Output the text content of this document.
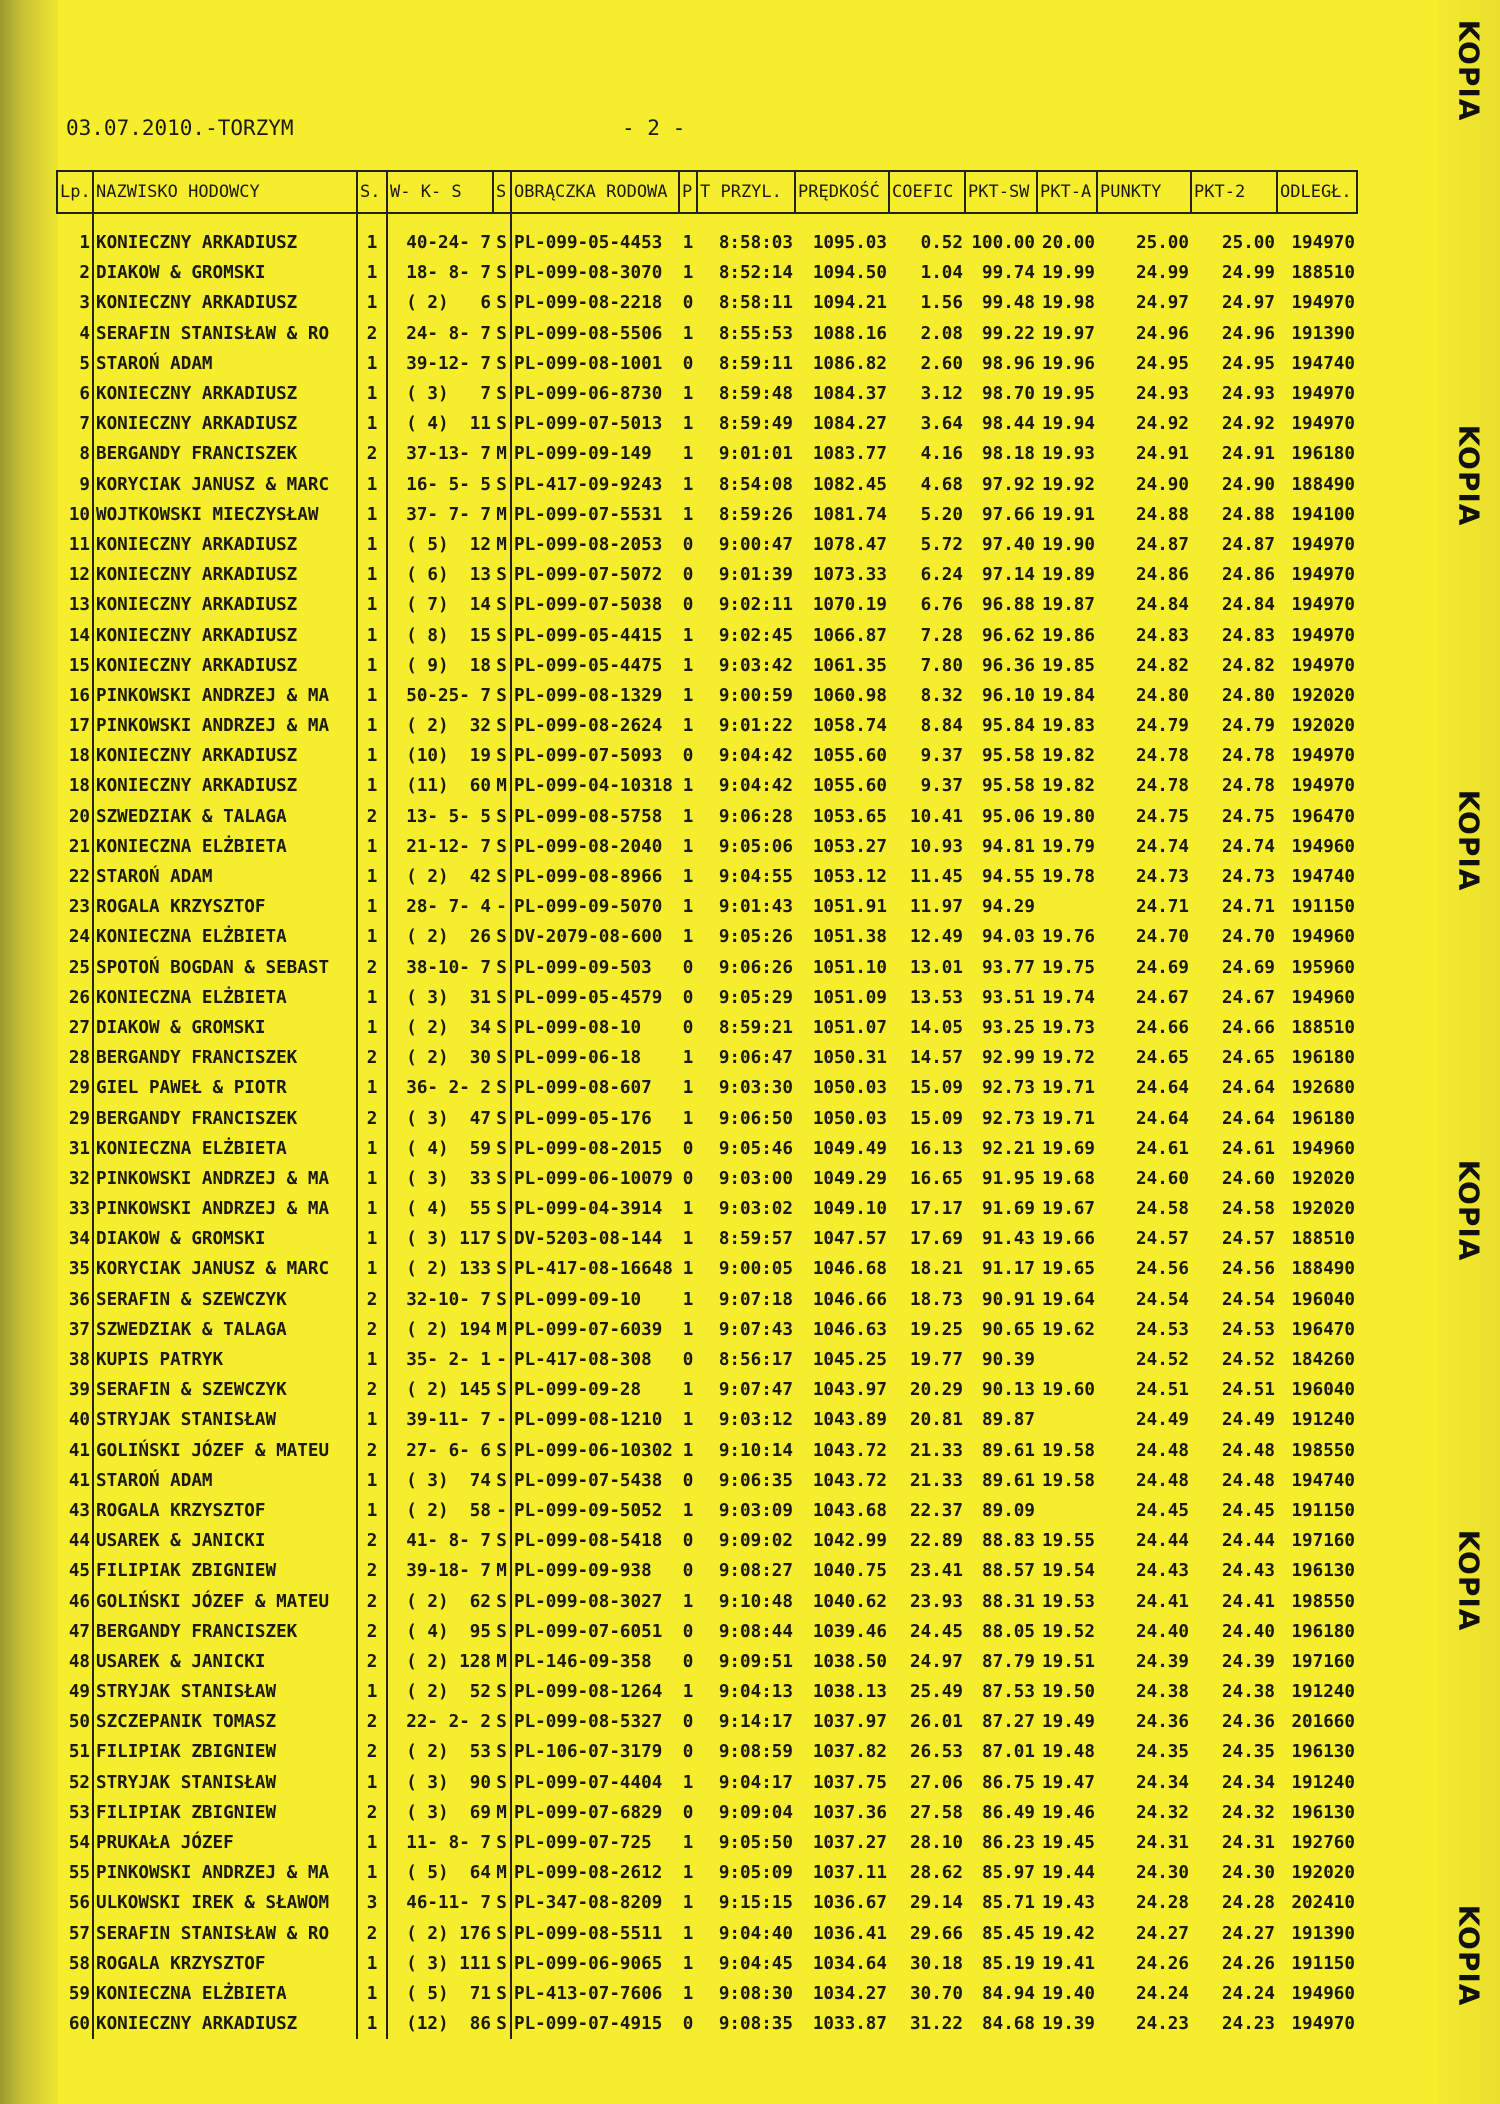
KOPIA
KOPIA
KOPIA
KOPIA
KOPIA
KOPIA
03.07.2010.-TORZYM	- 2 -
Lp.	NAZWISKO HODOWCY	S.	W- K- S	S	OBRĄCZKA RODOWA	P	T PRZYL.	PRĘDKOŚĆ	COEFIC	PKT-SW	PKT-A	PUNKTY	PKT-2	ODLEGŁ.
1	KONIECZNY ARKADIUSZ	1	40-24- 7	S	PL-099-05-4453	1	8:58:03	1095.03	0.52	100.00	20.00	25.00	25.00	194970
2	DIAKOW & GROMSKI	1	18- 8- 7	S	PL-099-08-3070	1	8:52:14	1094.50	1.04	99.74	19.99	24.99	24.99	188510
3	KONIECZNY ARKADIUSZ	1	( 2)   6	S	PL-099-08-2218	0	8:58:11	1094.21	1.56	99.48	19.98	24.97	24.97	194970
4	SERAFIN STANISŁAW & RO	2	24- 8- 7	S	PL-099-08-5506	1	8:55:53	1088.16	2.08	99.22	19.97	24.96	24.96	191390
5	STAROŃ ADAM	1	39-12- 7	S	PL-099-08-1001	0	8:59:11	1086.82	2.60	98.96	19.96	24.95	24.95	194740
6	KONIECZNY ARKADIUSZ	1	( 3)   7	S	PL-099-06-8730	1	8:59:48	1084.37	3.12	98.70	19.95	24.93	24.93	194970
7	KONIECZNY ARKADIUSZ	1	( 4)  11	S	PL-099-07-5013	1	8:59:49	1084.27	3.64	98.44	19.94	24.92	24.92	194970
8	BERGANDY FRANCISZEK	2	37-13- 7	M	PL-099-09-149	1	9:01:01	1083.77	4.16	98.18	19.93	24.91	24.91	196180
9	KORYCIAK JANUSZ & MARC	1	16- 5- 5	S	PL-417-09-9243	1	8:54:08	1082.45	4.68	97.92	19.92	24.90	24.90	188490
10	WOJTKOWSKI MIECZYSŁAW	1	37- 7- 7	M	PL-099-07-5531	1	8:59:26	1081.74	5.20	97.66	19.91	24.88	24.88	194100
11	KONIECZNY ARKADIUSZ	1	( 5)  12	M	PL-099-08-2053	0	9:00:47	1078.47	5.72	97.40	19.90	24.87	24.87	194970
12	KONIECZNY ARKADIUSZ	1	( 6)  13	S	PL-099-07-5072	0	9:01:39	1073.33	6.24	97.14	19.89	24.86	24.86	194970
13	KONIECZNY ARKADIUSZ	1	( 7)  14	S	PL-099-07-5038	0	9:02:11	1070.19	6.76	96.88	19.87	24.84	24.84	194970
14	KONIECZNY ARKADIUSZ	1	( 8)  15	S	PL-099-05-4415	1	9:02:45	1066.87	7.28	96.62	19.86	24.83	24.83	194970
15	KONIECZNY ARKADIUSZ	1	( 9)  18	S	PL-099-05-4475	1	9:03:42	1061.35	7.80	96.36	19.85	24.82	24.82	194970
16	PINKOWSKI ANDRZEJ & MA	1	50-25- 7	S	PL-099-08-1329	1	9:00:59	1060.98	8.32	96.10	19.84	24.80	24.80	192020
17	PINKOWSKI ANDRZEJ & MA	1	( 2)  32	S	PL-099-08-2624	1	9:01:22	1058.74	8.84	95.84	19.83	24.79	24.79	192020
18	KONIECZNY ARKADIUSZ	1	(10)  19	S	PL-099-07-5093	0	9:04:42	1055.60	9.37	95.58	19.82	24.78	24.78	194970
18	KONIECZNY ARKADIUSZ	1	(11)  60	M	PL-099-04-10318	1	9:04:42	1055.60	9.37	95.58	19.82	24.78	24.78	194970
20	SZWEDZIAK & TALAGA	2	13- 5- 5	S	PL-099-08-5758	1	9:06:28	1053.65	10.41	95.06	19.80	24.75	24.75	196470
21	KONIECZNA ELŻBIETA	1	21-12- 7	S	PL-099-08-2040	1	9:05:06	1053.27	10.93	94.81	19.79	24.74	24.74	194960
22	STAROŃ ADAM	1	( 2)  42	S	PL-099-08-8966	1	9:04:55	1053.12	11.45	94.55	19.78	24.73	24.73	194740
23	ROGALA KRZYSZTOF	1	28- 7- 4	-	PL-099-09-5070	1	9:01:43	1051.91	11.97	94.29		24.71	24.71	191150
24	KONIECZNA ELŻBIETA	1	( 2)  26	S	DV-2079-08-600	1	9:05:26	1051.38	12.49	94.03	19.76	24.70	24.70	194960
25	SPOTOŃ BOGDAN & SEBAST	2	38-10- 7	S	PL-099-09-503	0	9:06:26	1051.10	13.01	93.77	19.75	24.69	24.69	195960
26	KONIECZNA ELŻBIETA	1	( 3)  31	S	PL-099-05-4579	0	9:05:29	1051.09	13.53	93.51	19.74	24.67	24.67	194960
27	DIAKOW & GROMSKI	1	( 2)  34	S	PL-099-08-10	0	8:59:21	1051.07	14.05	93.25	19.73	24.66	24.66	188510
28	BERGANDY FRANCISZEK	2	( 2)  30	S	PL-099-06-18	1	9:06:47	1050.31	14.57	92.99	19.72	24.65	24.65	196180
29	GIEL PAWEŁ & PIOTR	1	36- 2- 2	S	PL-099-08-607	1	9:03:30	1050.03	15.09	92.73	19.71	24.64	24.64	192680
29	BERGANDY FRANCISZEK	2	( 3)  47	S	PL-099-05-176	1	9:06:50	1050.03	15.09	92.73	19.71	24.64	24.64	196180
31	KONIECZNA ELŻBIETA	1	( 4)  59	S	PL-099-08-2015	0	9:05:46	1049.49	16.13	92.21	19.69	24.61	24.61	194960
32	PINKOWSKI ANDRZEJ & MA	1	( 3)  33	S	PL-099-06-10079	0	9:03:00	1049.29	16.65	91.95	19.68	24.60	24.60	192020
33	PINKOWSKI ANDRZEJ & MA	1	( 4)  55	S	PL-099-04-3914	1	9:03:02	1049.10	17.17	91.69	19.67	24.58	24.58	192020
34	DIAKOW & GROMSKI	1	( 3) 117	S	DV-5203-08-144	1	8:59:57	1047.57	17.69	91.43	19.66	24.57	24.57	188510
35	KORYCIAK JANUSZ & MARC	1	( 2) 133	S	PL-417-08-16648	1	9:00:05	1046.68	18.21	91.17	19.65	24.56	24.56	188490
36	SERAFIN & SZEWCZYK	2	32-10- 7	S	PL-099-09-10	1	9:07:18	1046.66	18.73	90.91	19.64	24.54	24.54	196040
37	SZWEDZIAK & TALAGA	2	( 2) 194	M	PL-099-07-6039	1	9:07:43	1046.63	19.25	90.65	19.62	24.53	24.53	196470
38	KUPIS PATRYK	1	35- 2- 1	-	PL-417-08-308	0	8:56:17	1045.25	19.77	90.39		24.52	24.52	184260
39	SERAFIN & SZEWCZYK	2	( 2) 145	S	PL-099-09-28	1	9:07:47	1043.97	20.29	90.13	19.60	24.51	24.51	196040
40	STRYJAK STANISŁAW	1	39-11- 7	-	PL-099-08-1210	1	9:03:12	1043.89	20.81	89.87		24.49	24.49	191240
41	GOLIŃSKI JÓZEF & MATEU	2	27- 6- 6	S	PL-099-06-10302	1	9:10:14	1043.72	21.33	89.61	19.58	24.48	24.48	198550
41	STAROŃ ADAM	1	( 3)  74	S	PL-099-07-5438	0	9:06:35	1043.72	21.33	89.61	19.58	24.48	24.48	194740
43	ROGALA KRZYSZTOF	1	( 2)  58	-	PL-099-09-5052	1	9:03:09	1043.68	22.37	89.09		24.45	24.45	191150
44	USAREK & JANICKI	2	41- 8- 7	S	PL-099-08-5418	0	9:09:02	1042.99	22.89	88.83	19.55	24.44	24.44	197160
45	FILIPIAK ZBIGNIEW	2	39-18- 7	M	PL-099-09-938	0	9:08:27	1040.75	23.41	88.57	19.54	24.43	24.43	196130
46	GOLIŃSKI JÓZEF & MATEU	2	( 2)  62	S	PL-099-08-3027	1	9:10:48	1040.62	23.93	88.31	19.53	24.41	24.41	198550
47	BERGANDY FRANCISZEK	2	( 4)  95	S	PL-099-07-6051	0	9:08:44	1039.46	24.45	88.05	19.52	24.40	24.40	196180
48	USAREK & JANICKI	2	( 2) 128	M	PL-146-09-358	0	9:09:51	1038.50	24.97	87.79	19.51	24.39	24.39	197160
49	STRYJAK STANISŁAW	1	( 2)  52	S	PL-099-08-1264	1	9:04:13	1038.13	25.49	87.53	19.50	24.38	24.38	191240
50	SZCZEPANIK TOMASZ	2	22- 2- 2	S	PL-099-08-5327	0	9:14:17	1037.97	26.01	87.27	19.49	24.36	24.36	201660
51	FILIPIAK ZBIGNIEW	2	( 2)  53	S	PL-106-07-3179	0	9:08:59	1037.82	26.53	87.01	19.48	24.35	24.35	196130
52	STRYJAK STANISŁAW	1	( 3)  90	S	PL-099-07-4404	1	9:04:17	1037.75	27.06	86.75	19.47	24.34	24.34	191240
53	FILIPIAK ZBIGNIEW	2	( 3)  69	M	PL-099-07-6829	0	9:09:04	1037.36	27.58	86.49	19.46	24.32	24.32	196130
54	PRUKAŁA JÓZEF	1	11- 8- 7	S	PL-099-07-725	1	9:05:50	1037.27	28.10	86.23	19.45	24.31	24.31	192760
55	PINKOWSKI ANDRZEJ & MA	1	( 5)  64	M	PL-099-08-2612	1	9:05:09	1037.11	28.62	85.97	19.44	24.30	24.30	192020
56	ULKOWSKI IREK & SŁAWOM	3	46-11- 7	S	PL-347-08-8209	1	9:15:15	1036.67	29.14	85.71	19.43	24.28	24.28	202410
57	SERAFIN STANISŁAW & RO	2	( 2) 176	S	PL-099-08-5511	1	9:04:40	1036.41	29.66	85.45	19.42	24.27	24.27	191390
58	ROGALA KRZYSZTOF	1	( 3) 111	S	PL-099-06-9065	1	9:04:45	1034.64	30.18	85.19	19.41	24.26	24.26	191150
59	KONIECZNA ELŻBIETA	1	( 5)  71	S	PL-413-07-7606	1	9:08:30	1034.27	30.70	84.94	19.40	24.24	24.24	194960
60	KONIECZNY ARKADIUSZ	1	(12)  86	S	PL-099-07-4915	0	9:08:35	1033.87	31.22	84.68	19.39	24.23	24.23	194970
